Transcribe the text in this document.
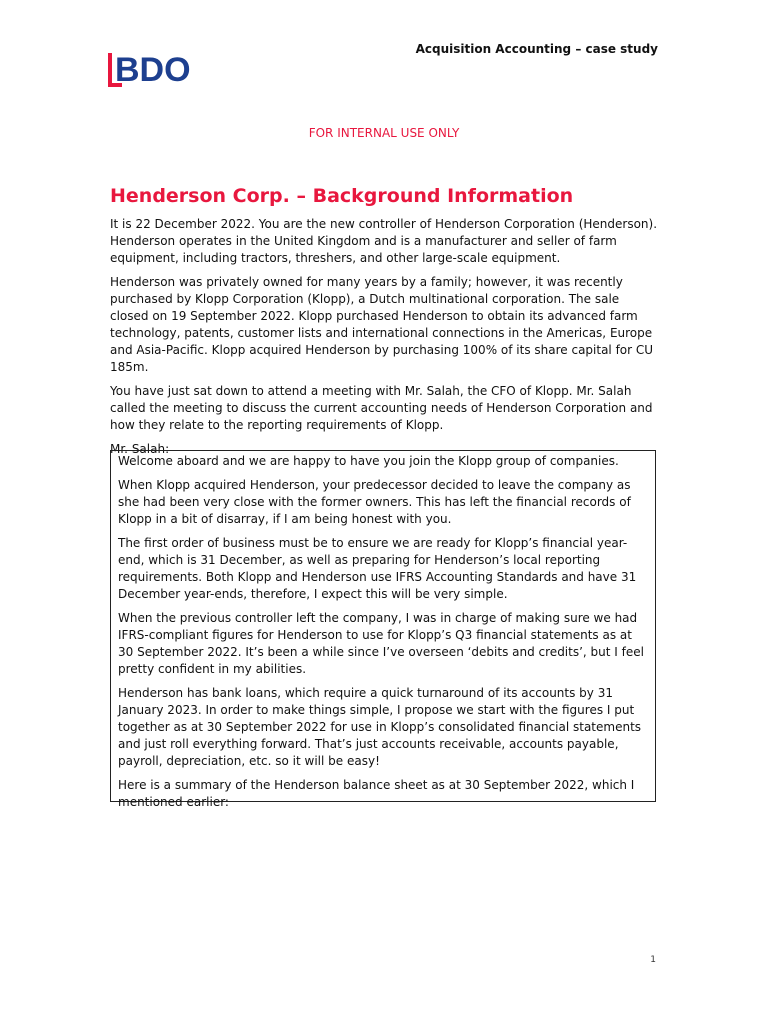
BDO
Acquisition Accounting – case study
FOR INTERNAL USE ONLY
Henderson Corp. – Background Information

It is 22 December 2022. You are the new controller of Henderson Corporation (Henderson). Henderson operates in the United Kingdom and is a manufacturer and seller of farm equipment, including tractors, threshers, and other large-scale equipment.

Henderson was privately owned for many years by a family; however, it was recently purchased by Klopp Corporation (Klopp), a Dutch multinational corporation. The sale closed on 19 September 2022. Klopp purchased Henderson to obtain its advanced farm technology, patents, customer lists and international connections in the Americas, Europe and Asia-Pacific. Klopp acquired Henderson by purchasing 100% of its share capital for CU 185m.

You have just sat down to attend a meeting with Mr. Salah, the CFO of Klopp. Mr. Salah called the meeting to discuss the current accounting needs of Henderson Corporation and how they relate to the reporting requirements of Klopp.

Mr. Salah:

Welcome aboard and we are happy to have you join the Klopp group of companies.

When Klopp acquired Henderson, your predecessor decided to leave the company as she had been very close with the former owners. This has left the financial records of Klopp in a bit of disarray, if I am being honest with you.

The first order of business must be to ensure we are ready for Klopp’s financial year-end, which is 31 December, as well as preparing for Henderson’s local reporting requirements. Both Klopp and Henderson use IFRS Accounting Standards and have 31 December year-ends, therefore, I expect this will be very simple.

When the previous controller left the company, I was in charge of making sure we had IFRS-compliant figures for Henderson to use for Klopp’s Q3 financial statements as at 30 September 2022. It’s been a while since I’ve overseen ‘debits and credits’, but I feel pretty confident in my abilities.

Henderson has bank loans, which require a quick turnaround of its accounts by 31 January 2023. In order to make things simple, I propose we start with the figures I put together as at 30 September 2022 for use in Klopp’s consolidated financial statements and just roll everything forward. That’s just accounts receivable, accounts payable, payroll, depreciation, etc. so it will be easy!

Here is a summary of the Henderson balance sheet as at 30 September 2022, which I mentioned earlier:

1
